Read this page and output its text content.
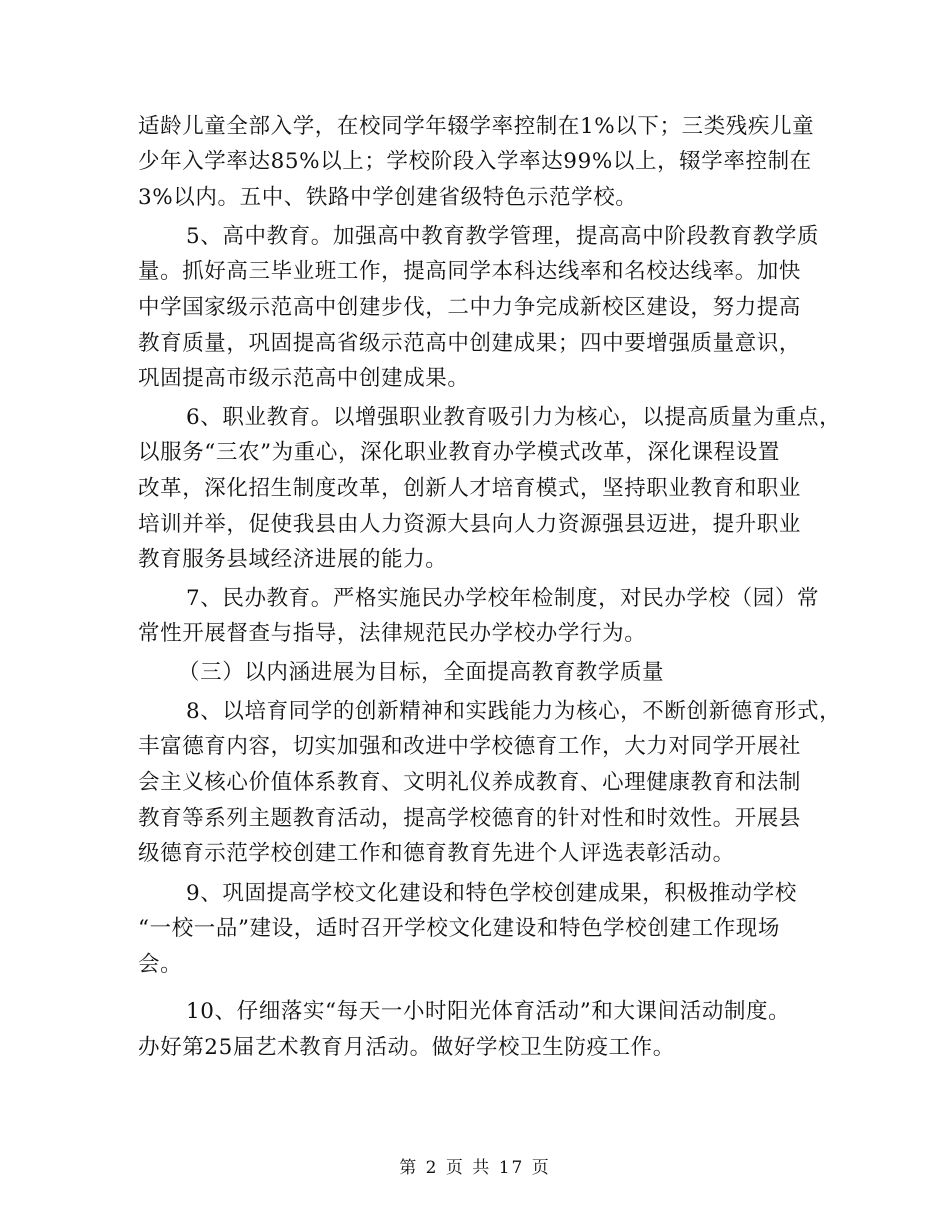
适龄儿童全部入学，在校同学年辍学率控制在1%以下；三类残疾儿童
少年入学率达85%以上；学校阶段入学率达99%以上，辍学率控制在
3%以内。五中、铁路中学创建省级特色示范学校。
5、高中教育。加强高中教育教学管理，提高高中阶段教育教学质
量。抓好高三毕业班工作，提高同学本科达线率和名校达线率。加快
中学国家级示范高中创建步伐，二中力争完成新校区建设，努力提高
教育质量，巩固提高省级示范高中创建成果；四中要增强质量意识，
巩固提高市级示范高中创建成果。
6、职业教育。以增强职业教育吸引力为核心，以提高质量为重点，
以服务“三农”为重心，深化职业教育办学模式改革，深化课程设置
改革，深化招生制度改革，创新人才培育模式，坚持职业教育和职业
培训并举，促使我县由人力资源大县向人力资源强县迈进，提升职业
教育服务县域经济进展的能力。
7、民办教育。严格实施民办学校年检制度，对民办学校（园）常
常性开展督查与指导，法律规范民办学校办学行为。
（三）以内涵进展为目标，全面提高教育教学质量
8、以培育同学的创新精神和实践能力为核心，不断创新德育形式，
丰富德育内容，切实加强和改进中学校德育工作，大力对同学开展社
会主义核心价值体系教育、文明礼仪养成教育、心理健康教育和法制
教育等系列主题教育活动，提高学校德育的针对性和时效性。开展县
级德育示范学校创建工作和德育教育先进个人评选表彰活动。
9、巩固提高学校文化建设和特色学校创建成果，积极推动学校
“一校一品”建设，适时召开学校文化建设和特色学校创建工作现场
会。
10、仔细落实“每天一小时阳光体育活动”和大课间活动制度。
办好第25届艺术教育月活动。做好学校卫生防疫工作。
第 2 页 共 17 页
